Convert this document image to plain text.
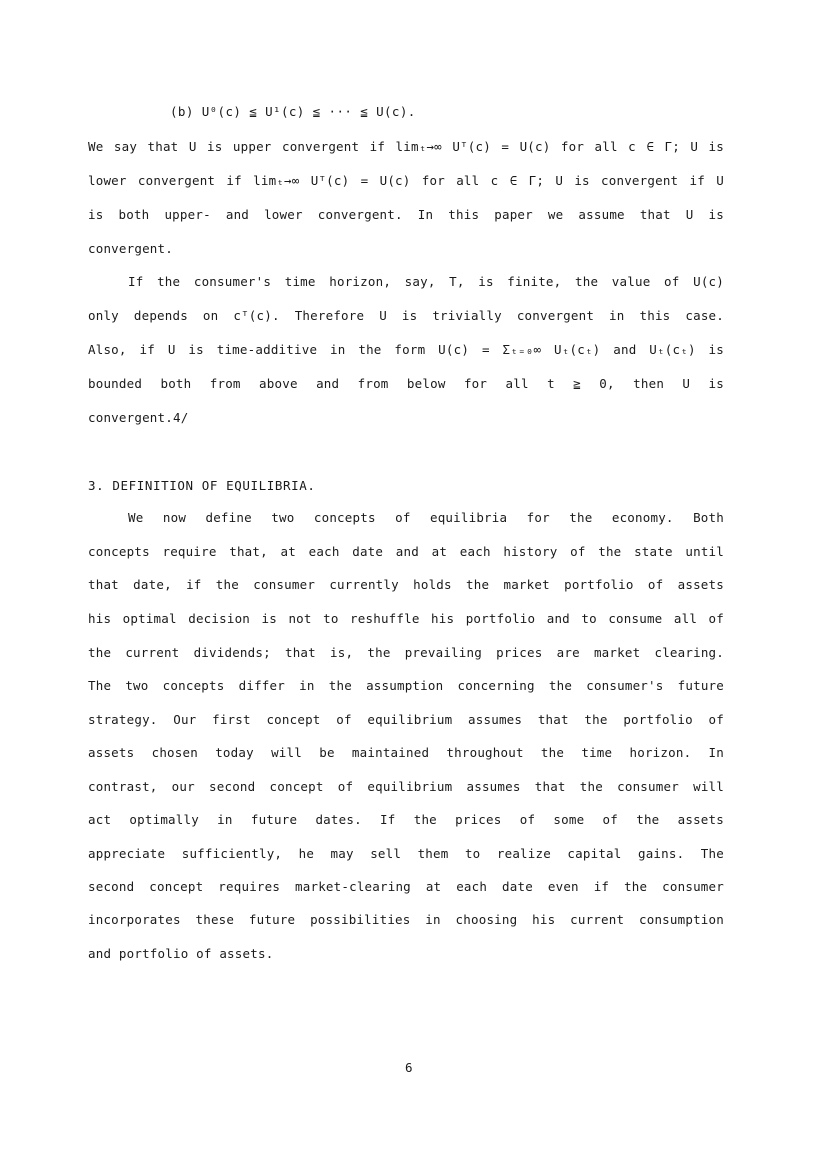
(b) U⁰(c) ≦ U¹(c) ≦ ··· ≦ U(c).
We say that U is upper convergent if limₜ→∞ Uᵀ(c) = U(c) for all c ∈ Γ; U is
lower convergent if limₜ→∞ Uᵀ(c) = U(c) for all c ∈ Γ; U is convergent if U
is both upper- and lower convergent. In this paper we assume that U is
convergent.
If the consumer's time horizon, say, T, is finite, the value of U(c)
only depends on cᵀ(c). Therefore U is trivially convergent in this case.
Also, if U is time-additive in the form U(c) = Σₜ₌₀∞ Uₜ(cₜ) and Uₜ(cₜ) is
bounded both from above and from below for all t ≧ 0, then U is
convergent.4/
3. DEFINITION OF EQUILIBRIA.
We now define two concepts of equilibria for the economy. Both
concepts require that, at each date and at each history of the state until
that date, if the consumer currently holds the market portfolio of assets
his optimal decision is not to reshuffle his portfolio and to consume all of
the current dividends; that is, the prevailing prices are market clearing.
The two concepts differ in the assumption concerning the consumer's future
strategy. Our first concept of equilibrium assumes that the portfolio of
assets chosen today will be maintained throughout the time horizon. In
contrast, our second concept of equilibrium assumes that the consumer will
act optimally in future dates. If the prices of some of the assets
appreciate sufficiently, he may sell them to realize capital gains. The
second concept requires market-clearing at each date even if the consumer
incorporates these future possibilities in choosing his current consumption
and portfolio of assets.
6
